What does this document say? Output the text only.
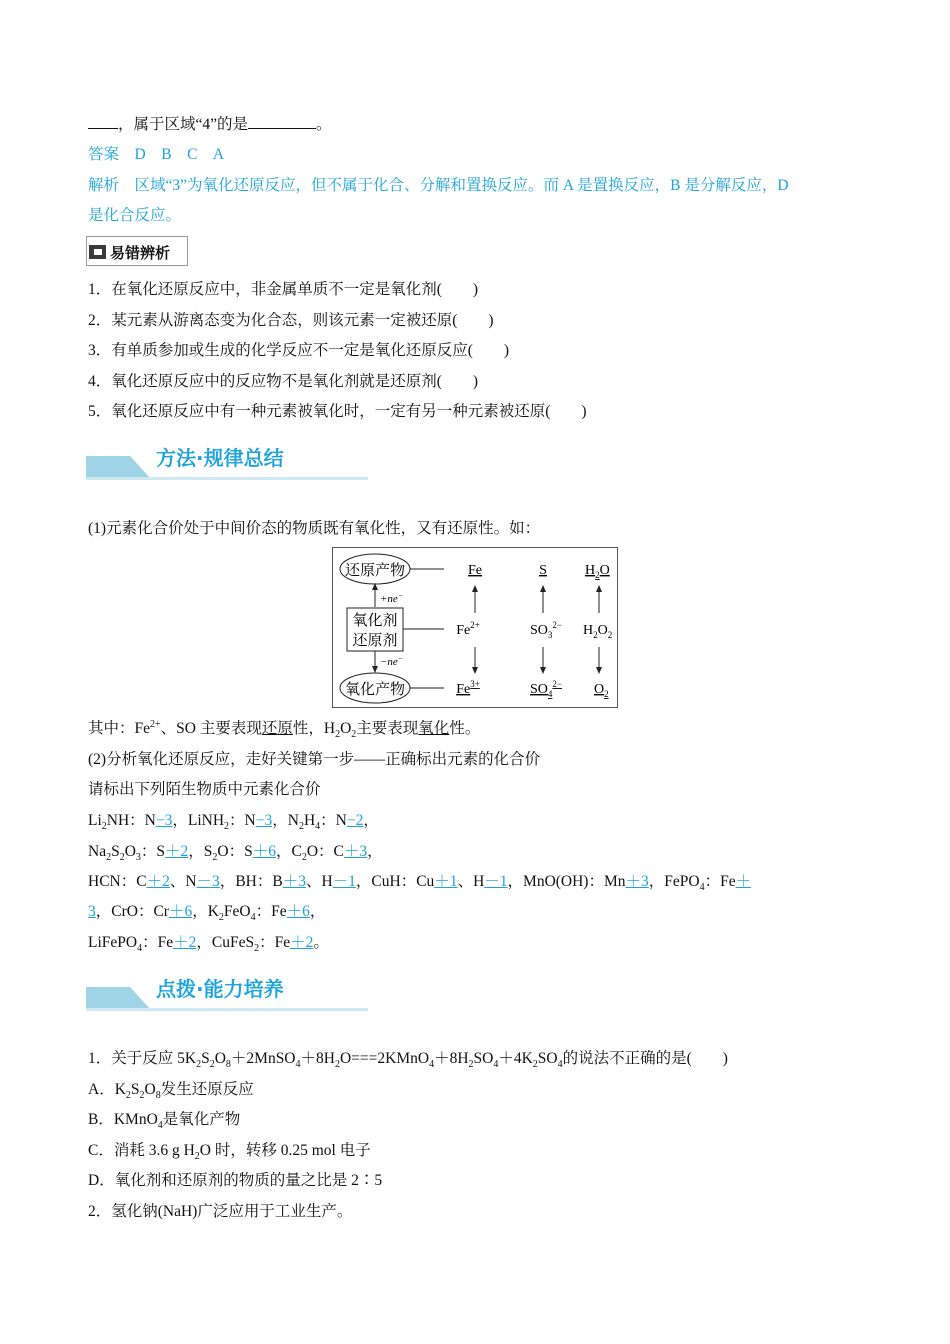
，属于区域“4”的是	。
答案　 D　B　C　A
解析　 区域“3”为氧化还原反应，但不属于化合、分解和置换反应。而 A 是置换反应，B 是分解反应，D
是化合反应。
易错辨析
1．在氧化还原反应中，非金属单质不一定是氧化剂(　　)
2．某元素从游离态变为化合态，则该元素一定被还原(　　)
3．有单质参加或生成的化学反应不一定是氧化还原反应(　　)
4．氧化还原反应中的反应物不是氧化剂就是还原剂(　　)
5．氧化还原反应中有一种元素被氧化时，一定有另一种元素被还原(　　)
方法·规律总结
(1)元素化合价处于中间价态的物质既有氧化性，又有还原性。如：
还原产物
+ne−
氧化剂
还原剂
−ne−
氧化产物
Fe
$Fe^{2+}$
$Fe^{3+}$
S
$SO_3^{2-}$
$SO_4^{2-}$
$H_2O$
$H_2O_2$
$O_2$
其中：$Fe^{2+}$、SO 主要表现还原性，$H_2O_2$主要表现氧化性。
(2)分析氧化还原反应，走好关键第一步——正确标出元素的化合价
请标出下列陌生物质中元素化合价
$Li_2NH$：N−3，LiNH$_2$：N−3，$N_2H_4$：N−2，
$Na_2S_2O_3$：S＋2，$S_2O$：S＋6，$C_2O$：C＋3，
HCN：C＋2、N－3，BH：B＋3、H－1，CuH：Cu＋1、H－1，MnO(OH)：Mn＋3，FePO$_4$：Fe＋
3，CrO：Cr＋6，$K_2FeO_4$：Fe＋6，
LiFePO$_4$：Fe＋2，CuFeS$_2$：Fe＋2。
点拨·能力培养
1．关于反应 $5K_2S_2O_8+2MnSO_4+8H_2O===2KMnO_4+8H_2SO_4+4K_2SO_4$的说法不正确的是(　　)
A．$K_2S_2O_8$发生还原反应
B．KMnO$_4$是氧化产物
C．消耗 3.6 g $H_2O$ 时，转移 0.25 mol 电子
D．氧化剂和还原剂的物质的量之比是 2∶5
2．氢化钠(NaH)广泛应用于工业生产。
